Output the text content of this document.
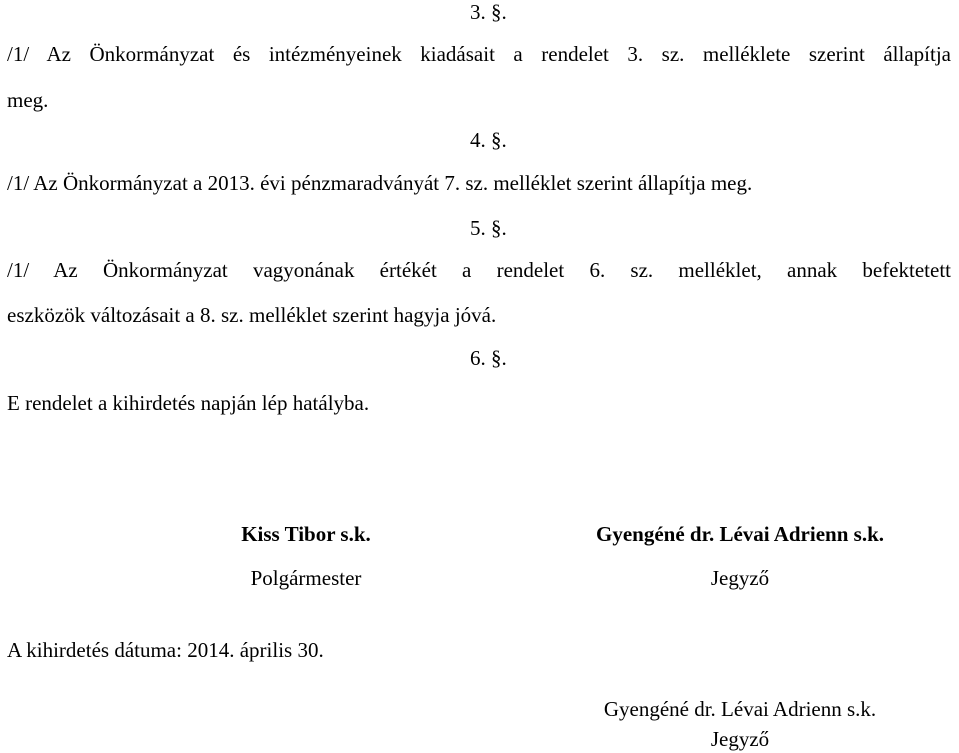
3. §.
/1/ Az Önkormányzat és intézményeinek kiadásait a rendelet 3. sz. melléklete szerint állapítja
meg.
4. §.
/1/ Az Önkormányzat a 2013. évi pénzmaradványát 7. sz. melléklet szerint állapítja meg.
5. §.
/1/ Az Önkormányzat vagyonának értékét a rendelet 6. sz. melléklet, annak befektetett
eszközök változásait a 8. sz. melléklet szerint hagyja jóvá.
6. §.
E rendelet a kihirdetés napján lép hatályba.
Kiss Tibor s.k.
Polgármester
Gyengéné dr. Lévai Adrienn s.k.
Jegyző
A kihirdetés dátuma: 2014. április 30.
Gyengéné dr. Lévai Adrienn s.k.
Jegyző
